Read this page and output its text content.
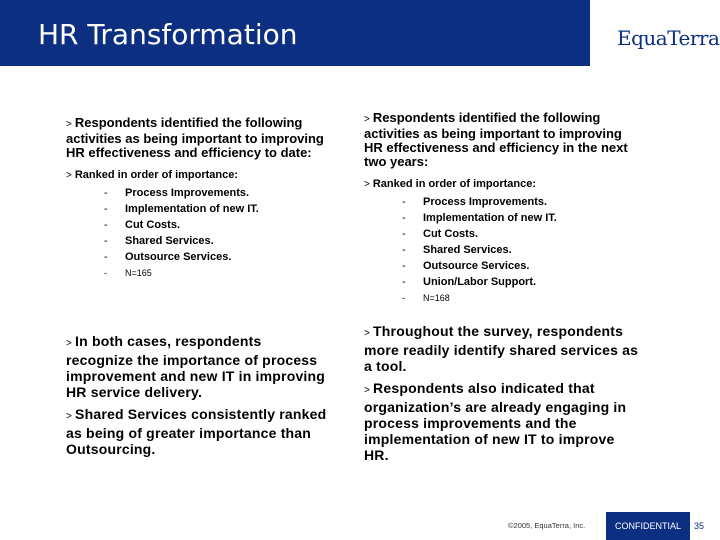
HR Transformation	EquaTerra

> Respondents identified the following activities as being important to improving HR effectiveness and efficiency to date:

> Ranked in order of importance:
- Process Improvements.
- Implementation of new IT.
- Cut Costs.
- Shared Services.
- Outsource Services.
- N=165

> Respondents identified the following activities as being important to improving HR effectiveness and efficiency in the next two years:

> Ranked in order of importance:
- Process Improvements.
- Implementation of new IT.
- Cut Costs.
- Shared Services.
- Outsource Services.
- Union/Labor Support.
- N=168

> In both cases, respondents recognize the importance of process improvement and new IT in improving HR service delivery.

> Shared Services consistently ranked as being of greater importance than Outsourcing.

> Throughout the survey, respondents more readily identify shared services as a tool.

> Respondents also indicated that organization’s are already engaging in process improvements and the implementation of new IT to improve HR.

©2005, EquaTerra, Inc.	CONFIDENTIAL	35
